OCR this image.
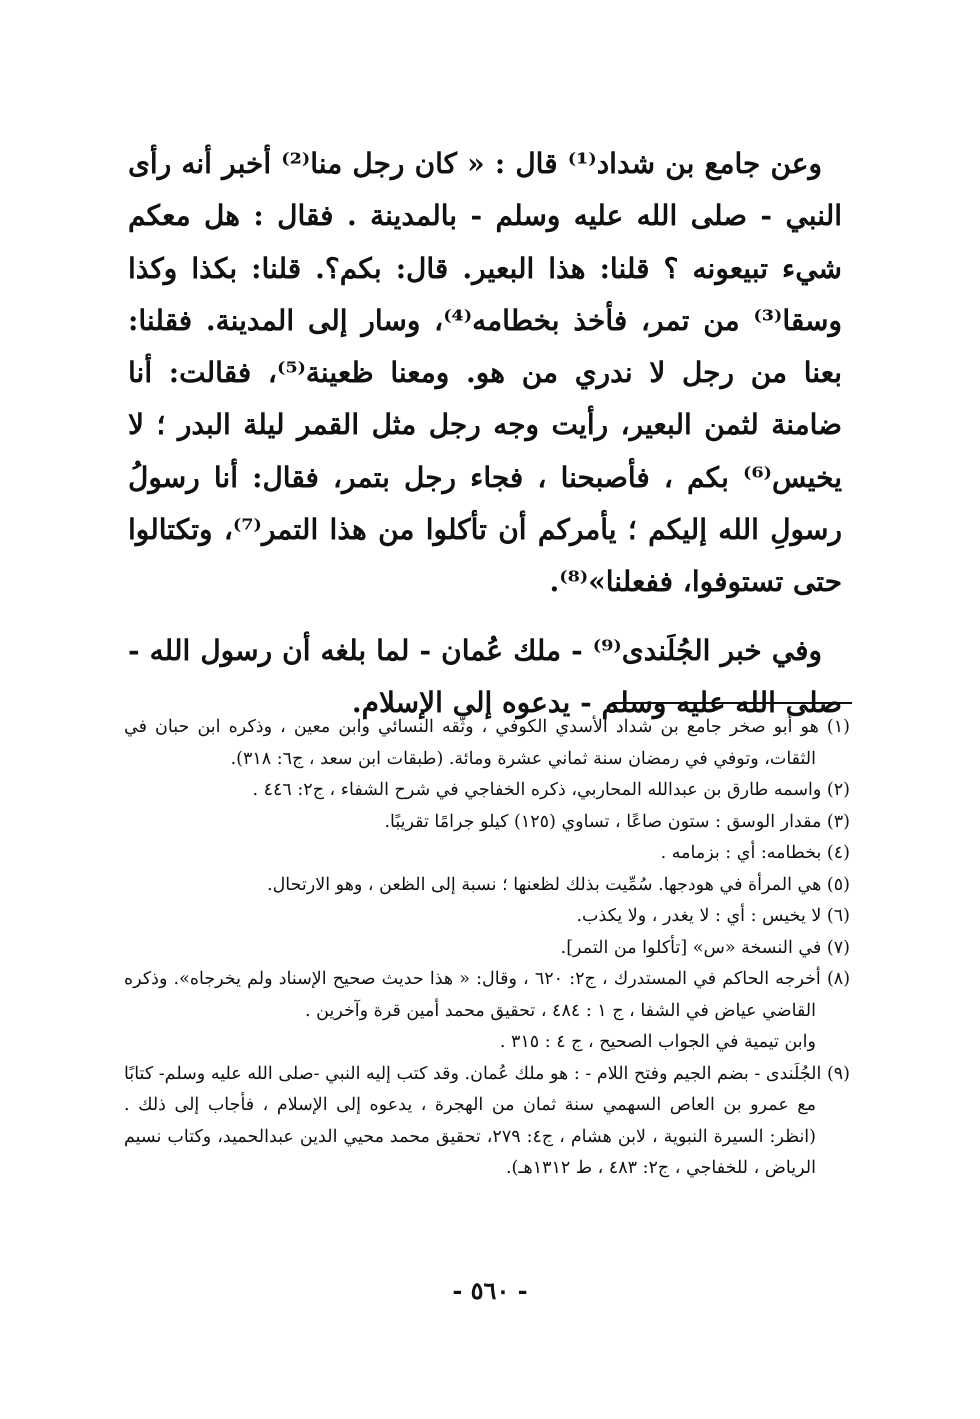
وعن جامع بن شداد⁽¹⁾ قال : « كان رجل منا⁽²⁾ أخبر أنه رأى النبي - صلى الله عليه وسلم - بالمدينة . فقال : هل معكم شيء تبيعونه ؟ قلنا: هذا البعير. قال: بكم؟. قلنا: بكذا وكذا وسقا⁽³⁾ من تمر، فأخذ بخطامه⁽⁴⁾، وسار إلى المدينة. فقلنا: بعنا من رجل لا ندري من هو. ومعنا ظعينة⁽⁵⁾، فقالت: أنا ضامنة لثمن البعير، رأيت وجه رجل مثل القمر ليلة البدر ؛ لا يخيس⁽⁶⁾ بكم ، فأصبحنا ، فجاء رجل بتمر، فقال: أنا رسولُ رسولِ الله إليكم ؛ يأمركم أن تأكلوا من هذا التمر⁽⁷⁾، وتكتالوا حتى تستوفوا، ففعلنا»⁽⁸⁾.

وفي خبر الجُلَندى⁽⁹⁾ - ملك عُمان - لما بلغه أن رسول الله - صلى الله عليه وسلم - يدعوه إلى الإسلام.

(١) هو أبو صخر جامع بن شداد الأسدي الكوفي ، وثَّقه النسائي وابن معين ، وذكره ابن حبان في الثقات، وتوفي في رمضان سنة ثماني عشرة ومائة. (طبقات ابن سعد ، ج٦: ٣١٨).

(٢) واسمه طارق بن عبدالله المحاربي، ذكره الخفاجي في شرح الشفاء ، ج٢: ٤٤٦ .

(٣) مقدار الوسق : ستون صاعًا ، تساوي (١٢٥) كيلو جرامًا تقريبًا.

(٤) بخطامه: أي : بزمامه .

(٥) هي المرأة في هودجها. سُمِّيت بذلك لظعنها ؛ نسبة إلى الظعن ، وهو الارتحال.

(٦) لا يخيس : أي : لا يغدر ، ولا يكذب.

(٧) في النسخة «س» [تأكلوا من التمر].

(٨) أخرجه الحاكم في المستدرك ، ج٢: ٦٢٠ ، وقال: « هذا حديث صحيح الإسناد ولم يخرجاه». وذكره القاضي عياض في الشفا ، ج ١ : ٤٨٤ ، تحقيق محمد أمين قرة وآخرين .

وابن تيمية في الجواب الصحيح ، ج ٤ : ٣١٥ .

(٩) الجُلَندى - بضم الجيم وفتح اللام - : هو ملك عُمان. وقد كتب إليه النبي -صلى الله عليه وسلم- كتابًا مع عمرو بن العاص السهمي سنة ثمان من الهجرة ، يدعوه إلى الإسلام ، فأجاب إلى ذلك . (انظر: السيرة النبوية ، لابن هشام ، ج٤: ٢٧٩، تحقيق محمد محيي الدين عبدالحميد، وكتاب نسيم الرياض ، للخفاجي ، ج٢: ٤٨٣ ، ط ١٣١٢هـ).

- ٥٦٠ -
